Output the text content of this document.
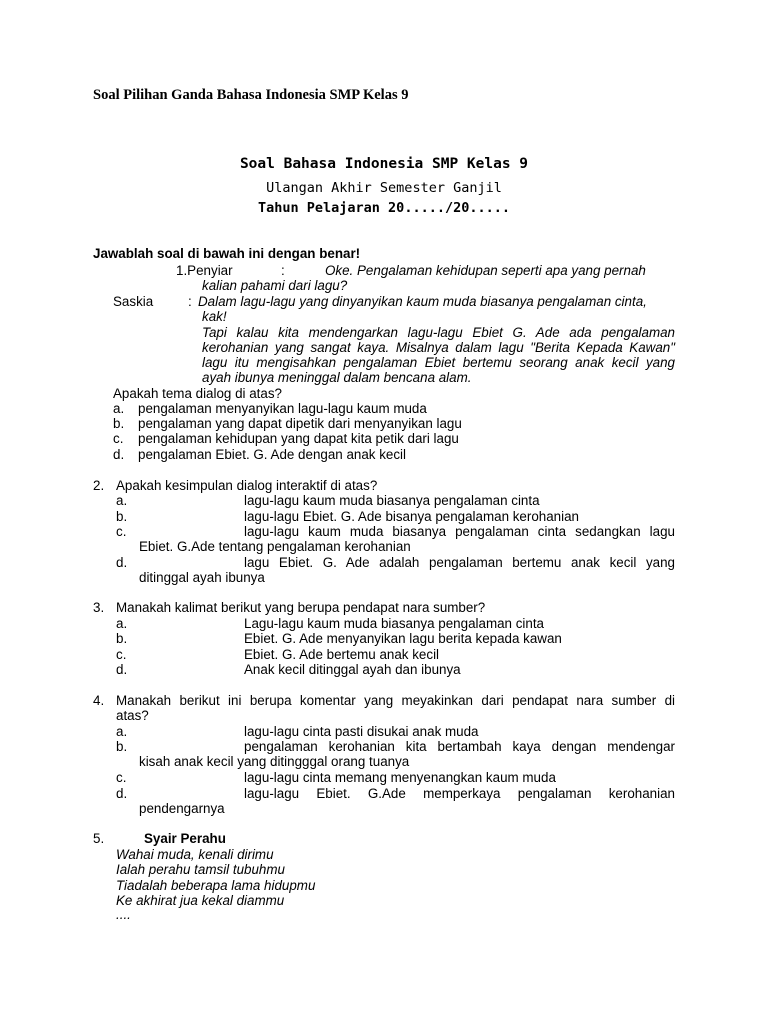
Soal Pilihan Ganda Bahasa Indonesia SMP Kelas 9
Soal Bahasa Indonesia SMP Kelas 9
Ulangan Akhir Semester Ganjil
Tahun Pelajaran 20...../20.....
Jawablah soal di bawah ini dengan benar!
1.Penyiar	:	Oke. Pengalaman kehidupan seperti apa yang pernah
kalian pahami dari lagu?
Saskia	: Dalam lagu-lagu yang dinyanyikan kaum muda biasanya pengalaman cinta,
kak!
Tapi kalau kita mendengarkan lagu-lagu Ebiet G. Ade ada pengalaman
kerohanian yang sangat kaya. Misalnya dalam lagu "Berita Kepada Kawan"
lagu itu mengisahkan pengalaman Ebiet bertemu seorang anak kecil yang
ayah ibunya meninggal dalam bencana alam.
Apakah tema dialog di atas?
a. pengalaman menyanyikan lagu-lagu kaum muda
b. pengalaman yang dapat dipetik dari menyanyikan lagu
c. pengalaman kehidupan yang dapat kita petik dari lagu
d. pengalaman Ebiet. G. Ade dengan anak kecil
2. Apakah kesimpulan dialog interaktif di atas?
a.	lagu-lagu kaum muda biasanya pengalaman cinta
b.	lagu-lagu Ebiet. G. Ade bisanya pengalaman kerohanian
c.	lagu-lagu kaum muda biasanya pengalaman cinta sedangkan lagu
Ebiet. G.Ade tentang pengalaman kerohanian
d.	lagu Ebiet. G. Ade adalah pengalaman bertemu anak kecil yang
ditinggal ayah ibunya
3. Manakah kalimat berikut yang berupa pendapat nara sumber?
a.	Lagu-lagu kaum muda biasanya pengalaman cinta
b.	Ebiet. G. Ade menyanyikan lagu berita kepada kawan
c.	Ebiet. G. Ade bertemu anak kecil
d.	Anak kecil ditinggal ayah dan ibunya
4. Manakah berikut ini berupa komentar yang meyakinkan dari pendapat nara sumber di
atas?
a.	lagu-lagu cinta pasti disukai anak muda
b.	pengalaman kerohanian kita bertambah kaya dengan mendengar
kisah anak kecil yang ditingggal orang tuanya
c.	lagu-lagu cinta memang menyenangkan kaum muda
d.	lagu-lagu Ebiet. G.Ade memperkaya pengalaman kerohanian
pendengarnya
5.	Syair Perahu
Wahai muda, kenali dirimu
Ialah perahu tamsil tubuhmu
Tiadalah beberapa lama hidupmu
Ke akhirat jua kekal diammu
....
